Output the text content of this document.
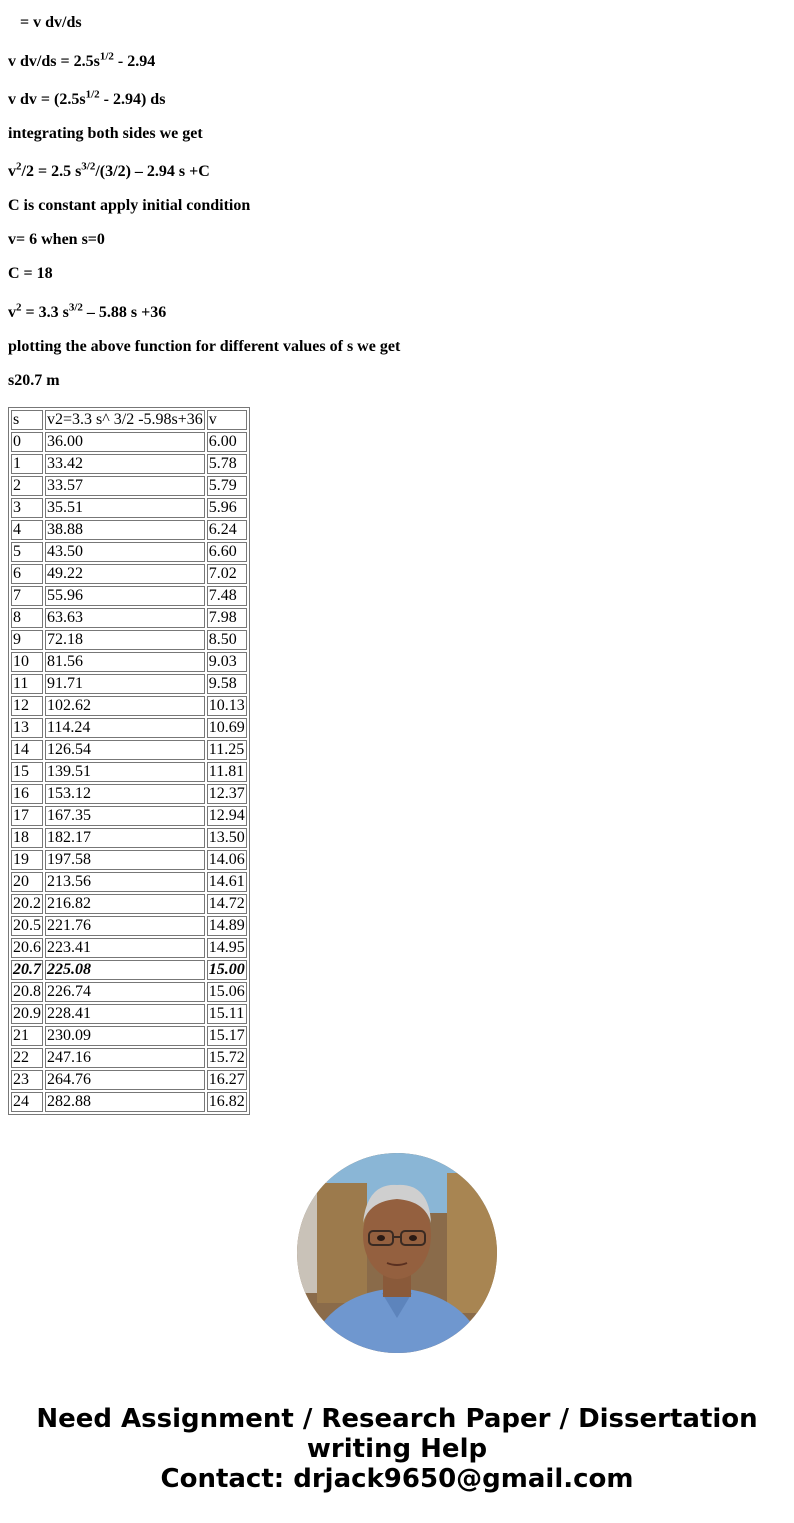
= v dv/ds
v $dv/ds = 2.5s^{1/2} - 2.94$
v dv = $(2.5s^{1/2} - 2.94)$ ds
integrating both sides we get
$v^2/2 = 2.5$ $s^{3/2}/(3/2) - 2.94$ s +C
C is constant apply initial condition
v= 6 when s=0
C = 18
$v^2 = 3.3$ $s^{3/2} - 5.88$ s +36
plotting the above function for different values of s we get
s20.7 m
s	v2=3.3 s^ 3/2 -5.98s+36	v
0	36.00	6.00
1	33.42	5.78
2	33.57	5.79
3	35.51	5.96
4	38.88	6.24
5	43.50	6.60
6	49.22	7.02
7	55.96	7.48
8	63.63	7.98
9	72.18	8.50
10	81.56	9.03
11	91.71	9.58
12	102.62	10.13
13	114.24	10.69
14	126.54	11.25
15	139.51	11.81
16	153.12	12.37
17	167.35	12.94
18	182.17	13.50
19	197.58	14.06
20	213.56	14.61
20.2	216.82	14.72
20.5	221.76	14.89
20.6	223.41	14.95
20.7	225.08	15.00
20.8	226.74	15.06
20.9	228.41	15.11
21	230.09	15.17
22	247.16	15.72
23	264.76	16.27
24	282.88	16.82
Need Assignment / Research Paper / Dissertation
writing Help
Contact: drjack9650@gmail.com
